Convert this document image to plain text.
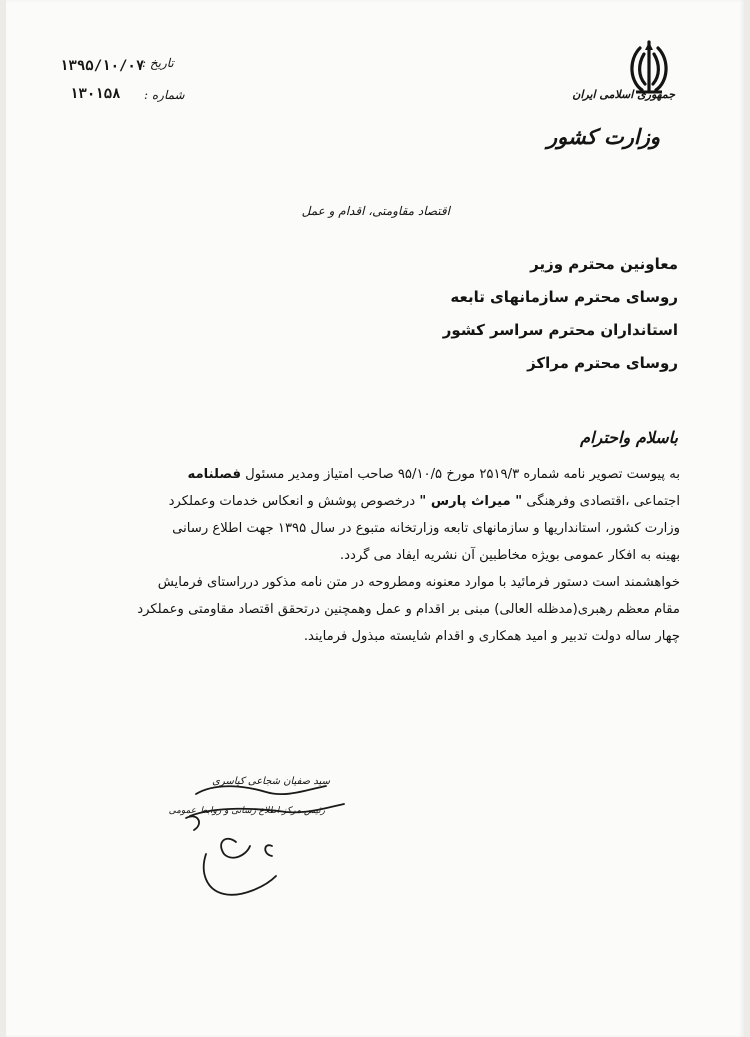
جمهوری اسلامی ایران
وزارت کشور
تاریخ :
۱۳۹۵/۱۰/۰۷
شماره :
۱۳۰۱۵۸
اقتصاد مقاومتی، اقدام و عمل
معاونین محترم وزیر
روسای محترم سازمانهای تابعه
استانداران محترم سراسر کشور
روسای محترم مراکز
باسلام واحترام
به پیوست تصویر نامه شماره ۲۵۱۹/۳ مورخ ۹۵/۱۰/۵ صاحب امتیاز ومدیر مسئول فصلنامه
اجتماعی ،اقتصادی وفرهنگی " میراث پارس " درخصوص پوشش و انعکاس خدمات وعملکرد
وزارت کشور، استانداریها و سازمانهای تابعه وزارتخانه متبوع در سال ۱۳۹۵ جهت اطلاع رسانی
بهینه به افکار عمومی بویژه مخاطبین آن نشریه ایفاد می گردد.
خواهشمند است دستور فرمائید با موارد معنونه ومطروحه در متن نامه مذکور درراستای فرمایش
مقام معظم رهبری(مدظله العالی) مبنی بر اقدام و عمل وهمچنین درتحقق اقتصاد مقاومتی وعملکرد
چهار ساله دولت تدبیر و امید همکاری و اقدام شایسته مبذول فرمایند.
سید صفیان شجاعی کیاسری
رئیس مرکز اطلاع رسانی و روابط عمومی
